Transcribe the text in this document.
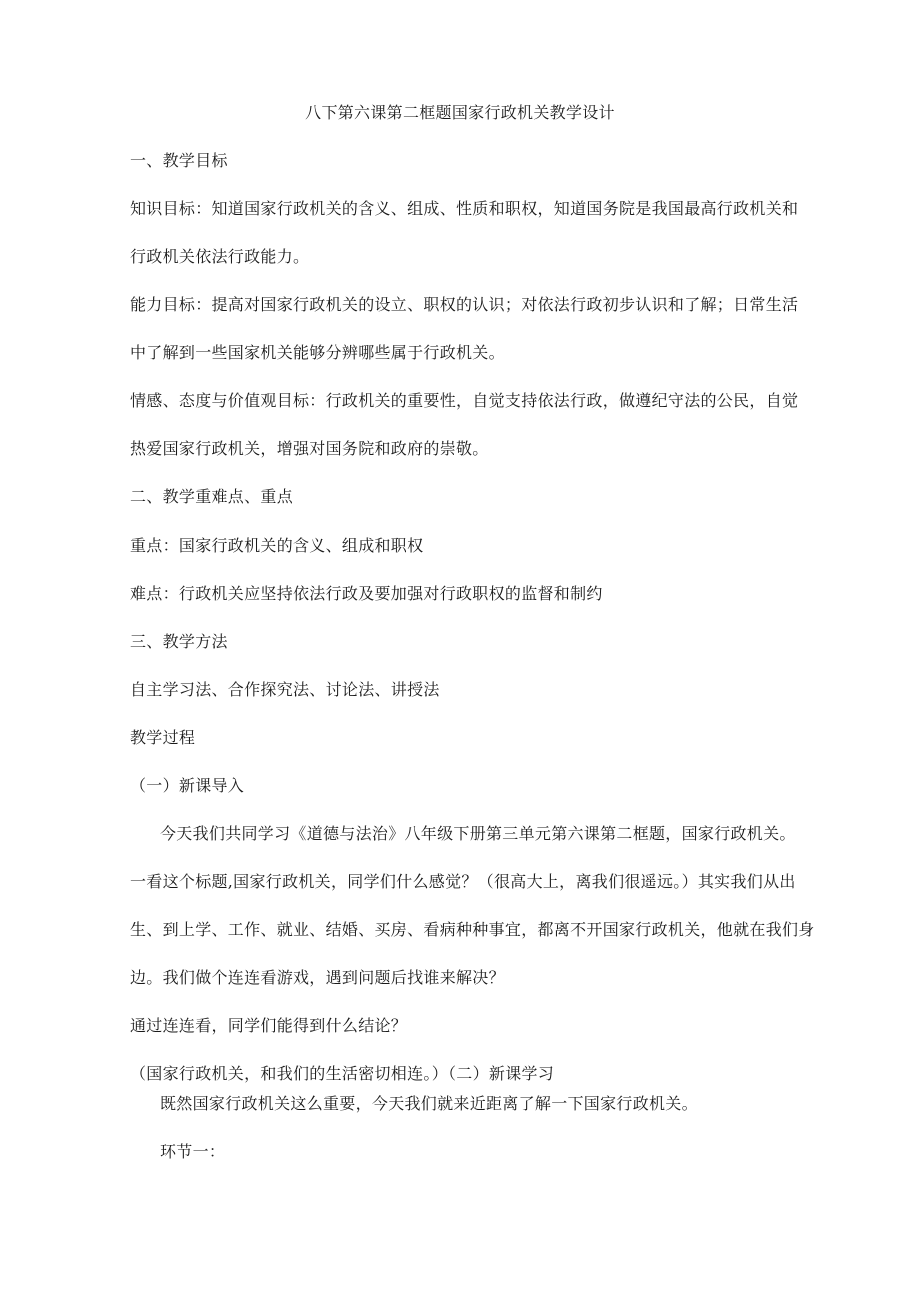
八下第六课第二框题国家行政机关教学设计
一、教学目标
知识目标：知道国家行政机关的含义、组成、性质和职权，知道国务院是我国最高行政机关和
行政机关依法行政能力。
能力目标：提高对国家行政机关的设立、职权的认识；对依法行政初步认识和了解；日常生活
中了解到一些国家机关能够分辨哪些属于行政机关。
情感、态度与价值观目标：行政机关的重要性，自觉支持依法行政，做遵纪守法的公民，自觉
热爱国家行政机关，增强对国务院和政府的崇敬。
二、教学重难点、重点
重点：国家行政机关的含义、组成和职权
难点：行政机关应坚持依法行政及要加强对行政职权的监督和制约
三、教学方法
自主学习法、合作探究法、讨论法、讲授法
教学过程
（一）新课导入
今天我们共同学习《道德与法治》八年级下册第三单元第六课第二框题，国家行政机关。
一看这个标题,国家行政机关，同学们什么感觉？（很高大上，离我们很遥远。）其实我们从出
生、到上学、工作、就业、结婚、买房、看病种种事宜，都离不开国家行政机关，他就在我们身
边。我们做个连连看游戏，遇到问题后找谁来解决？
通过连连看，同学们能得到什么结论？
（国家行政机关，和我们的生活密切相连。）（二）新课学习
既然国家行政机关这么重要，今天我们就来近距离了解一下国家行政机关。
环节一：
